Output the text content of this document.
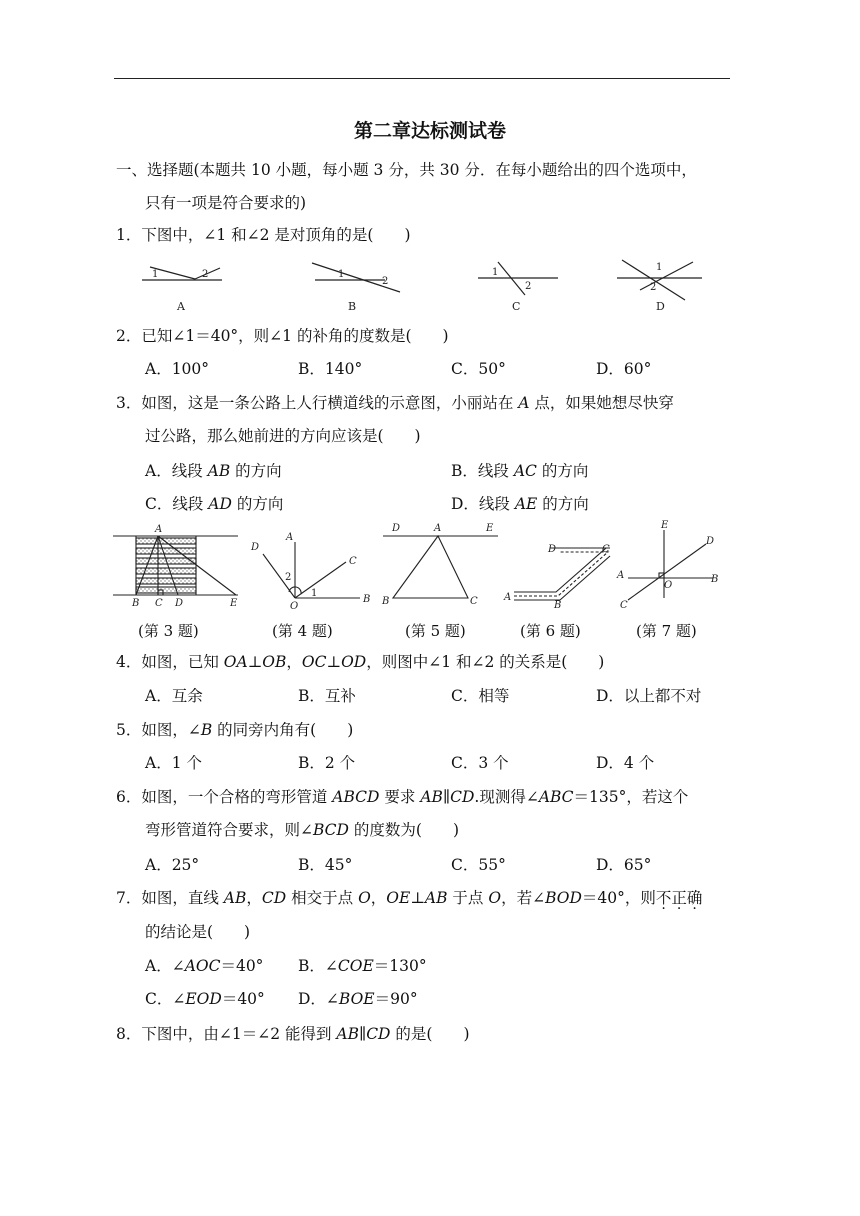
第二章达标测试卷
一、选择题(本题共 10 小题，每小题 3 分，共 30 分．在每小题给出的四个选项中，
只有一项是符合要求的)
1．下图中，∠1 和∠2 是对顶角的是(　　)
1	2	1
2
1
2
1
2
A	B	C	D
2．已知∠1＝40°，则∠1 的补角的度数是(　　)
A．100°	B．140°	C．50°	D．60°
3．如图，这是一条公路上人行横道线的示意图，小丽站在 A 点，如果她想尽快穿
过公路，那么她前进的方向应该是(　　)
A．线段 AB 的方向	B．线段 AC 的方向
C．线段 AD 的方向	D．线段 AE 的方向
A
B C D	E
A
B
C
D
O
1
2
D	A	E
B	C
D	C
A
B
E
D
A
O
B
C
(第 3 题)	(第 4 题)	(第 5 题)	(第 6 题)	(第 7 题)
4．如图，已知 OA⊥OB，OC⊥OD，则图中∠1 和∠2 的关系是(　　)
A．互余	B．互补	C．相等	D．以上都不对
5．如图，∠B 的同旁内角有(　　)
A．1 个	B．2 个	C．3 个	D．4 个
6．如图，一个合格的弯形管道 ABCD 要求 AB∥CD.现测得∠ABC＝135°，若这个
弯形管道符合要求，则∠BCD 的度数为(　　)
A．25°	B．45°	C．55°	D．65°
7．如图，直线 AB，CD 相交于点 O，OE⊥AB 于点 O，若∠BOD＝40°，则不正确
的结论是(　　)
A．∠AOC＝40° B．∠COE＝130°
C．∠EOD＝40° D．∠BOE＝90°
8．下图中，由∠1＝∠2 能得到 AB∥CD 的是(　　)
